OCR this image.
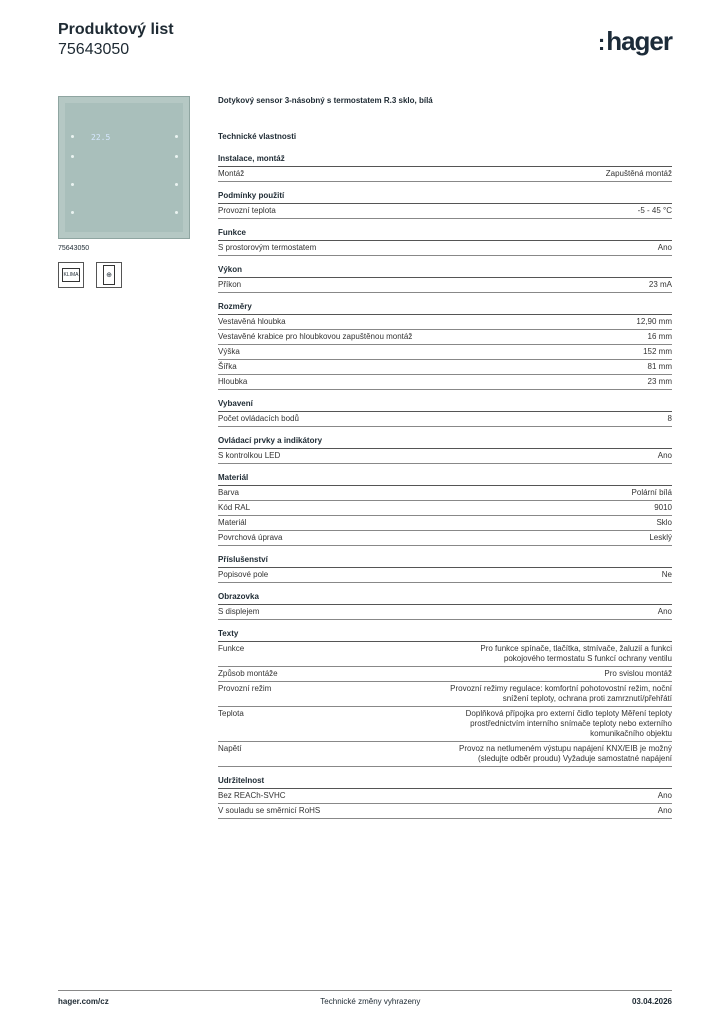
Produktový list
75643050	:hager
22.5
75643050
KLIMA	⊕
Dotykový sensor 3-násobný s termostatem R.3 sklo, bílá
Technické vlastnosti
Instalace, montáž
Montáž	Zapuštěná montáž
Podmínky použití
Provozní teplota	-5 - 45 °C
Funkce
S prostorovým termostatem	Ano
Výkon
Příkon	23 mA
Rozměry
Vestavěná hloubka	12,90 mm
Vestavěné krabice pro hloubkovou zapuštěnou montáž	16 mm
Výška	152 mm
Šířka	81 mm
Hloubka	23 mm
Vybavení
Počet ovládacích bodů	8
Ovládací prvky a indikátory
S kontrolkou LED	Ano
Materiál
Barva	Polární bílá
Kód RAL	9010
Materiál	Sklo
Povrchová úprava	Lesklý
Příslušenství
Popisové pole	Ne
Obrazovka
S displejem	Ano
Texty
Funkce	Pro funkce spínače, tlačítka, stmívače, žaluzií a funkci pokojového termostatu S funkcí ochrany ventilu
Způsob montáže	Pro svislou montáž
Provozní režim	Provozní režimy regulace: komfortní pohotovostní režim, noční snížení teploty, ochrana proti zamrznutí/přehřátí
Teplota	Doplňková přípojka pro externí čidlo teploty Měření teploty prostřednictvím interního snímače teploty nebo externího komunikačního objektu
Napětí	Provoz na netlumeném výstupu napájení KNX/EIB je možný (sledujte odběr proudu) Vyžaduje samostatné napájení
Udržitelnost
Bez REACh-SVHC	Ano
V souladu se směrnicí RoHS	Ano
hager.com/cz	Technické změny vyhrazeny	03.04.2026
